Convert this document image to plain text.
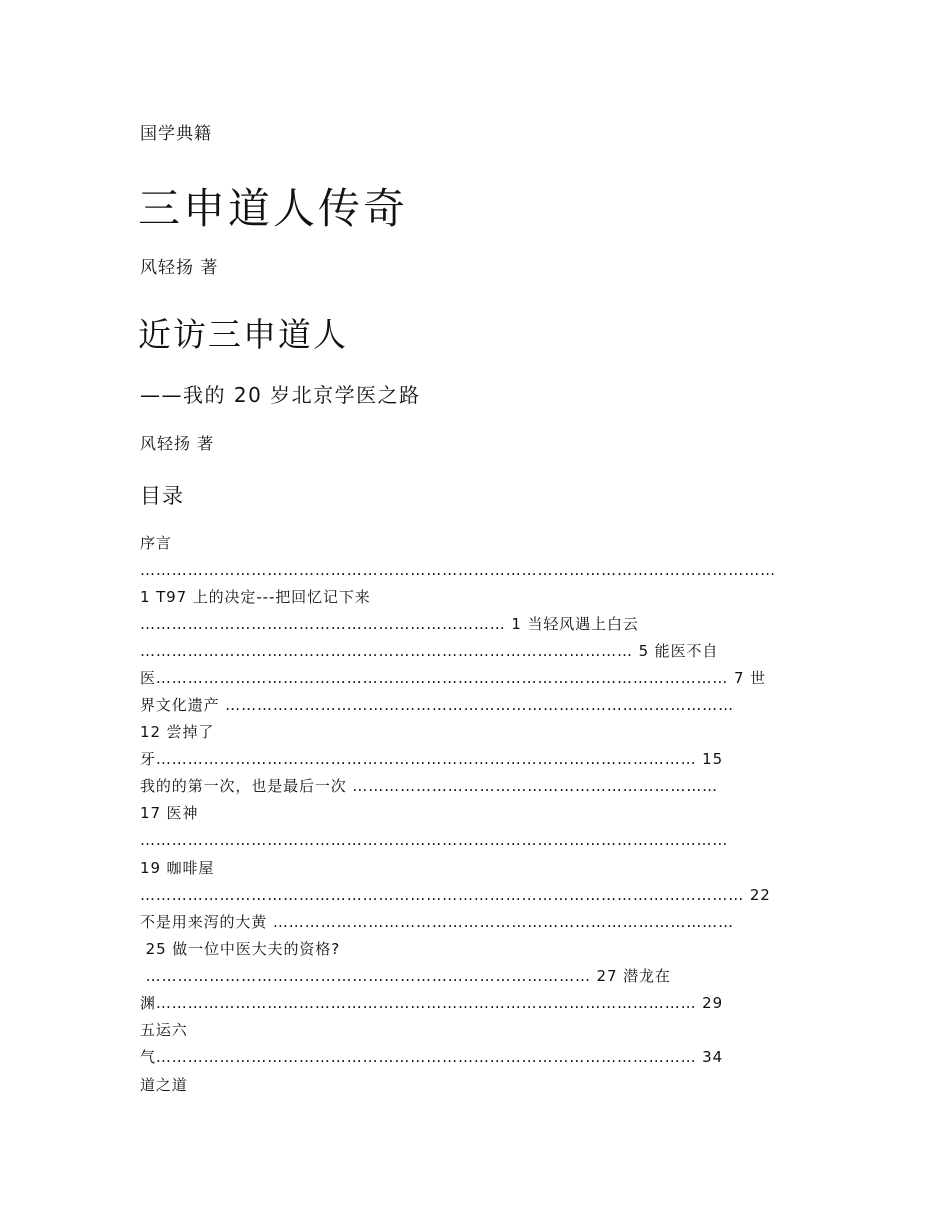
国学典籍
三申道人传奇
风轻扬 著
近访三申道人
——我的 20 岁北京学医之路
风轻扬 著
目录
序言
…………………………………………………………………………………………………………
1 T97 上的决定---把回忆记下来
…………………………………………………………… 1 当轻风遇上白云
………………………………………………………………………………… 5 能医不自
医……………………………………………………………………………………………… 7 世
界文化遗产 ……………………………………………………………………………………
12 尝掉了
牙………………………………………………………………………………………… 15
我的的第一次，也是最后一次 ……………………………………………………………
17 医神
…………………………………………………………………………………………………
19 咖啡屋
…………………………………………………………………………………………………… 22
不是用来泻的大黄 ……………………………………………………………………………
25 做一位中医大夫的资格?
………………………………………………………………………… 27 潜龙在
渊………………………………………………………………………………………… 29
五运六
气………………………………………………………………………………………… 34
道之道
